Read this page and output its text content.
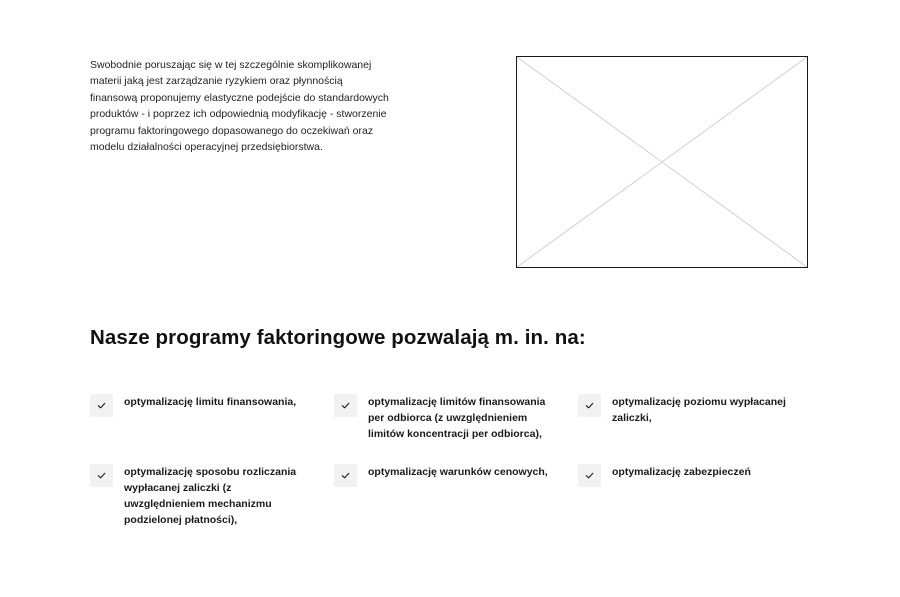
Swobodnie poruszając się w tej szczególnie skomplikowanej materii jaką jest zarządzanie ryzykiem oraz płynnością finansową proponujemy elastyczne podejście do standardowych produktów - i poprzez ich odpowiednią modyfikację - stworzenie programu faktoringowego dopasowanego do oczekiwań oraz modelu działalności operacyjnej przedsiębiorstwa.

Nasze programy faktoringowe pozwalają m. in. na:
optymalizację limitu finansowania,	optymalizację limitów finansowania per odbiorca (z uwzględnieniem limitów koncentracji per odbiorca),
optymalizację poziomu wypłacanej zaliczki,
optymalizację sposobu rozliczania wypłacanej zaliczki (z uwzględnieniem mechanizmu podzielonej płatności),
optymalizację warunków cenowych,	optymalizację zabezpieczeń
